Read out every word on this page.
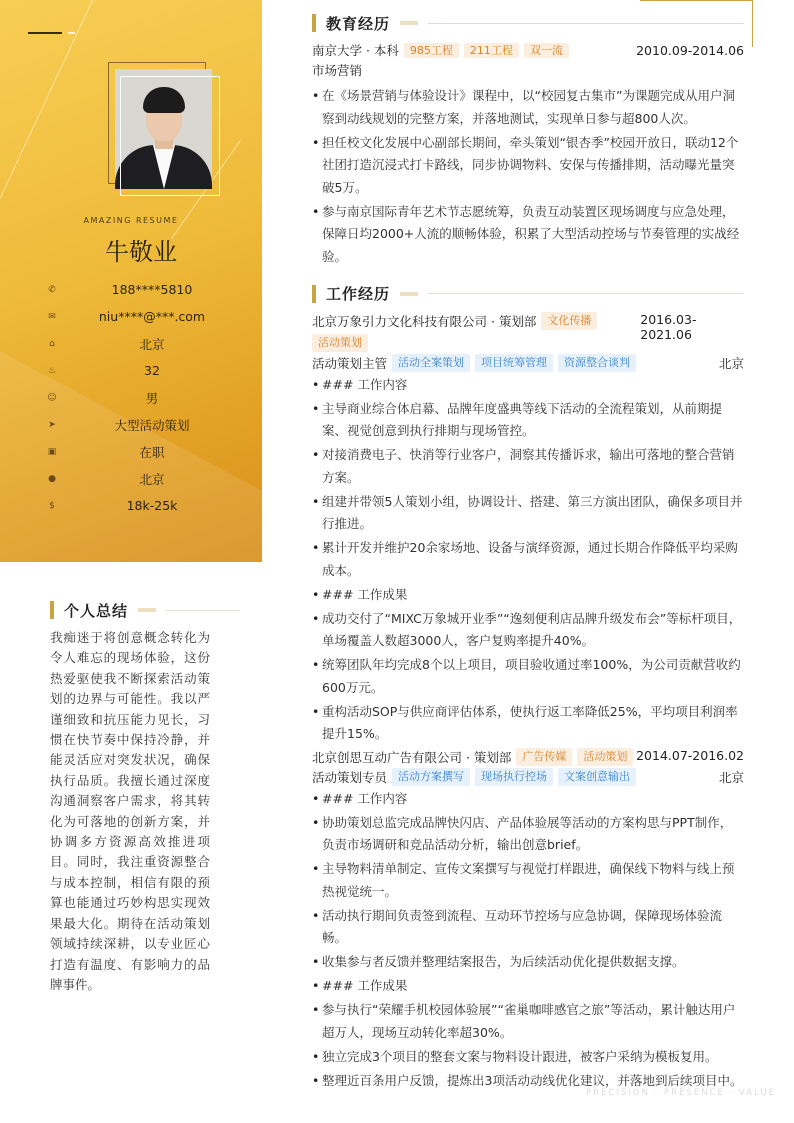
AMAZING RESUME
牛敬业
✆	188****5810
✉	niu****@***.com
⌂	北京
♨	32
☺	男
➤	大型活动策划
▣	在职
●	北京
$	18k-25k
个人总结
我痴迷于将创意概念转化为令人难忘的现场体验，这份热爱驱使我不断探索活动策划的边界与可能性。我以严谨细致和抗压能力见长，习惯在快节奏中保持冷静，并能灵活应对突发状况，确保执行品质。我擅长通过深度沟通洞察客户需求，将其转化为可落地的创新方案，并协调多方资源高效推进项目。同时，我注重资源整合与成本控制，相信有限的预算也能通过巧妙构思实现效果最大化。期待在活动策划领域持续深耕，以专业匠心打造有温度、有影响力的品牌事件。
教育经历
南京大学 · 本科	985工程 211工程 双一流	2010.09-2014.06
市场营销
• 在《场景营销与体验设计》课程中，以“校园复古集市”为课题完成从用户洞察到动线规划的完整方案，并落地测试，实现单日参与超800人次。
• 担任校文化发展中心副部长期间，牵头策划“银杏季”校园开放日，联动12个社团打造沉浸式打卡路线，同步协调物料、安保与传播排期，活动曝光量突破5万。
• 参与南京国际青年艺术节志愿统筹，负责互动装置区现场调度与应急处理，保障日均2000+人流的顺畅体验，积累了大型活动控场与节奏管理的实战经验。
工作经历
北京万象引力文化科技有限公司 · 策划部	文化传播
活动策划
2016.03-2021.06
活动策划主管	活动全案策划	项目统筹管理	资源整合谈判	北京
• ### 工作内容
• 主导商业综合体启幕、品牌年度盛典等线下活动的全流程策划，从前期提案、视觉创意到执行排期与现场管控。
• 对接消费电子、快消等行业客户，洞察其传播诉求，输出可落地的整合营销方案。
• 组建并带领5人策划小组，协调设计、搭建、第三方演出团队，确保多项目并行推进。
• 累计开发并维护20余家场地、设备与演绎资源，通过长期合作降低平均采购成本。
• ### 工作成果
• 成功交付了“MIXC万象城开业季”“逸刻便利店品牌升级发布会”等标杆项目，单场覆盖人数超3000人，客户复购率提升40%。
• 统筹团队年均完成8个以上项目，项目验收通过率100%，为公司贡献营收约600万元。
• 重构活动SOP与供应商评估体系，使执行返工率降低25%，平均项目利润率提升15%。
北京创思互动广告有限公司 · 策划部	广告传媒	活动策划 2014.07-2016.02
活动策划专员	活动方案撰写	现场执行控场	文案创意输出	北京
• ### 工作内容
• 协助策划总监完成品牌快闪店、产品体验展等活动的方案构思与PPT制作，负责市场调研和竞品活动分析，输出创意brief。
• 主导物料清单制定、宣传文案撰写与视觉打样跟进，确保线下物料与线上预热视觉统一。
• 活动执行期间负责签到流程、互动环节控场与应急协调，保障现场体验流畅。
• 收集参与者反馈并整理结案报告，为后续活动优化提供数据支撑。
• ### 工作成果
• 参与执行“荣耀手机校园体验展”“雀巢咖啡感官之旅”等活动，累计触达用户超万人，现场互动转化率超30%。
• 独立完成3个项目的整套文案与物料设计跟进，被客户采纳为模板复用。
• 整理近百条用户反馈，提炼出3项活动动线优化建议，并落地到后续项目中。
PRECISION · PRESENCE · VALUE
